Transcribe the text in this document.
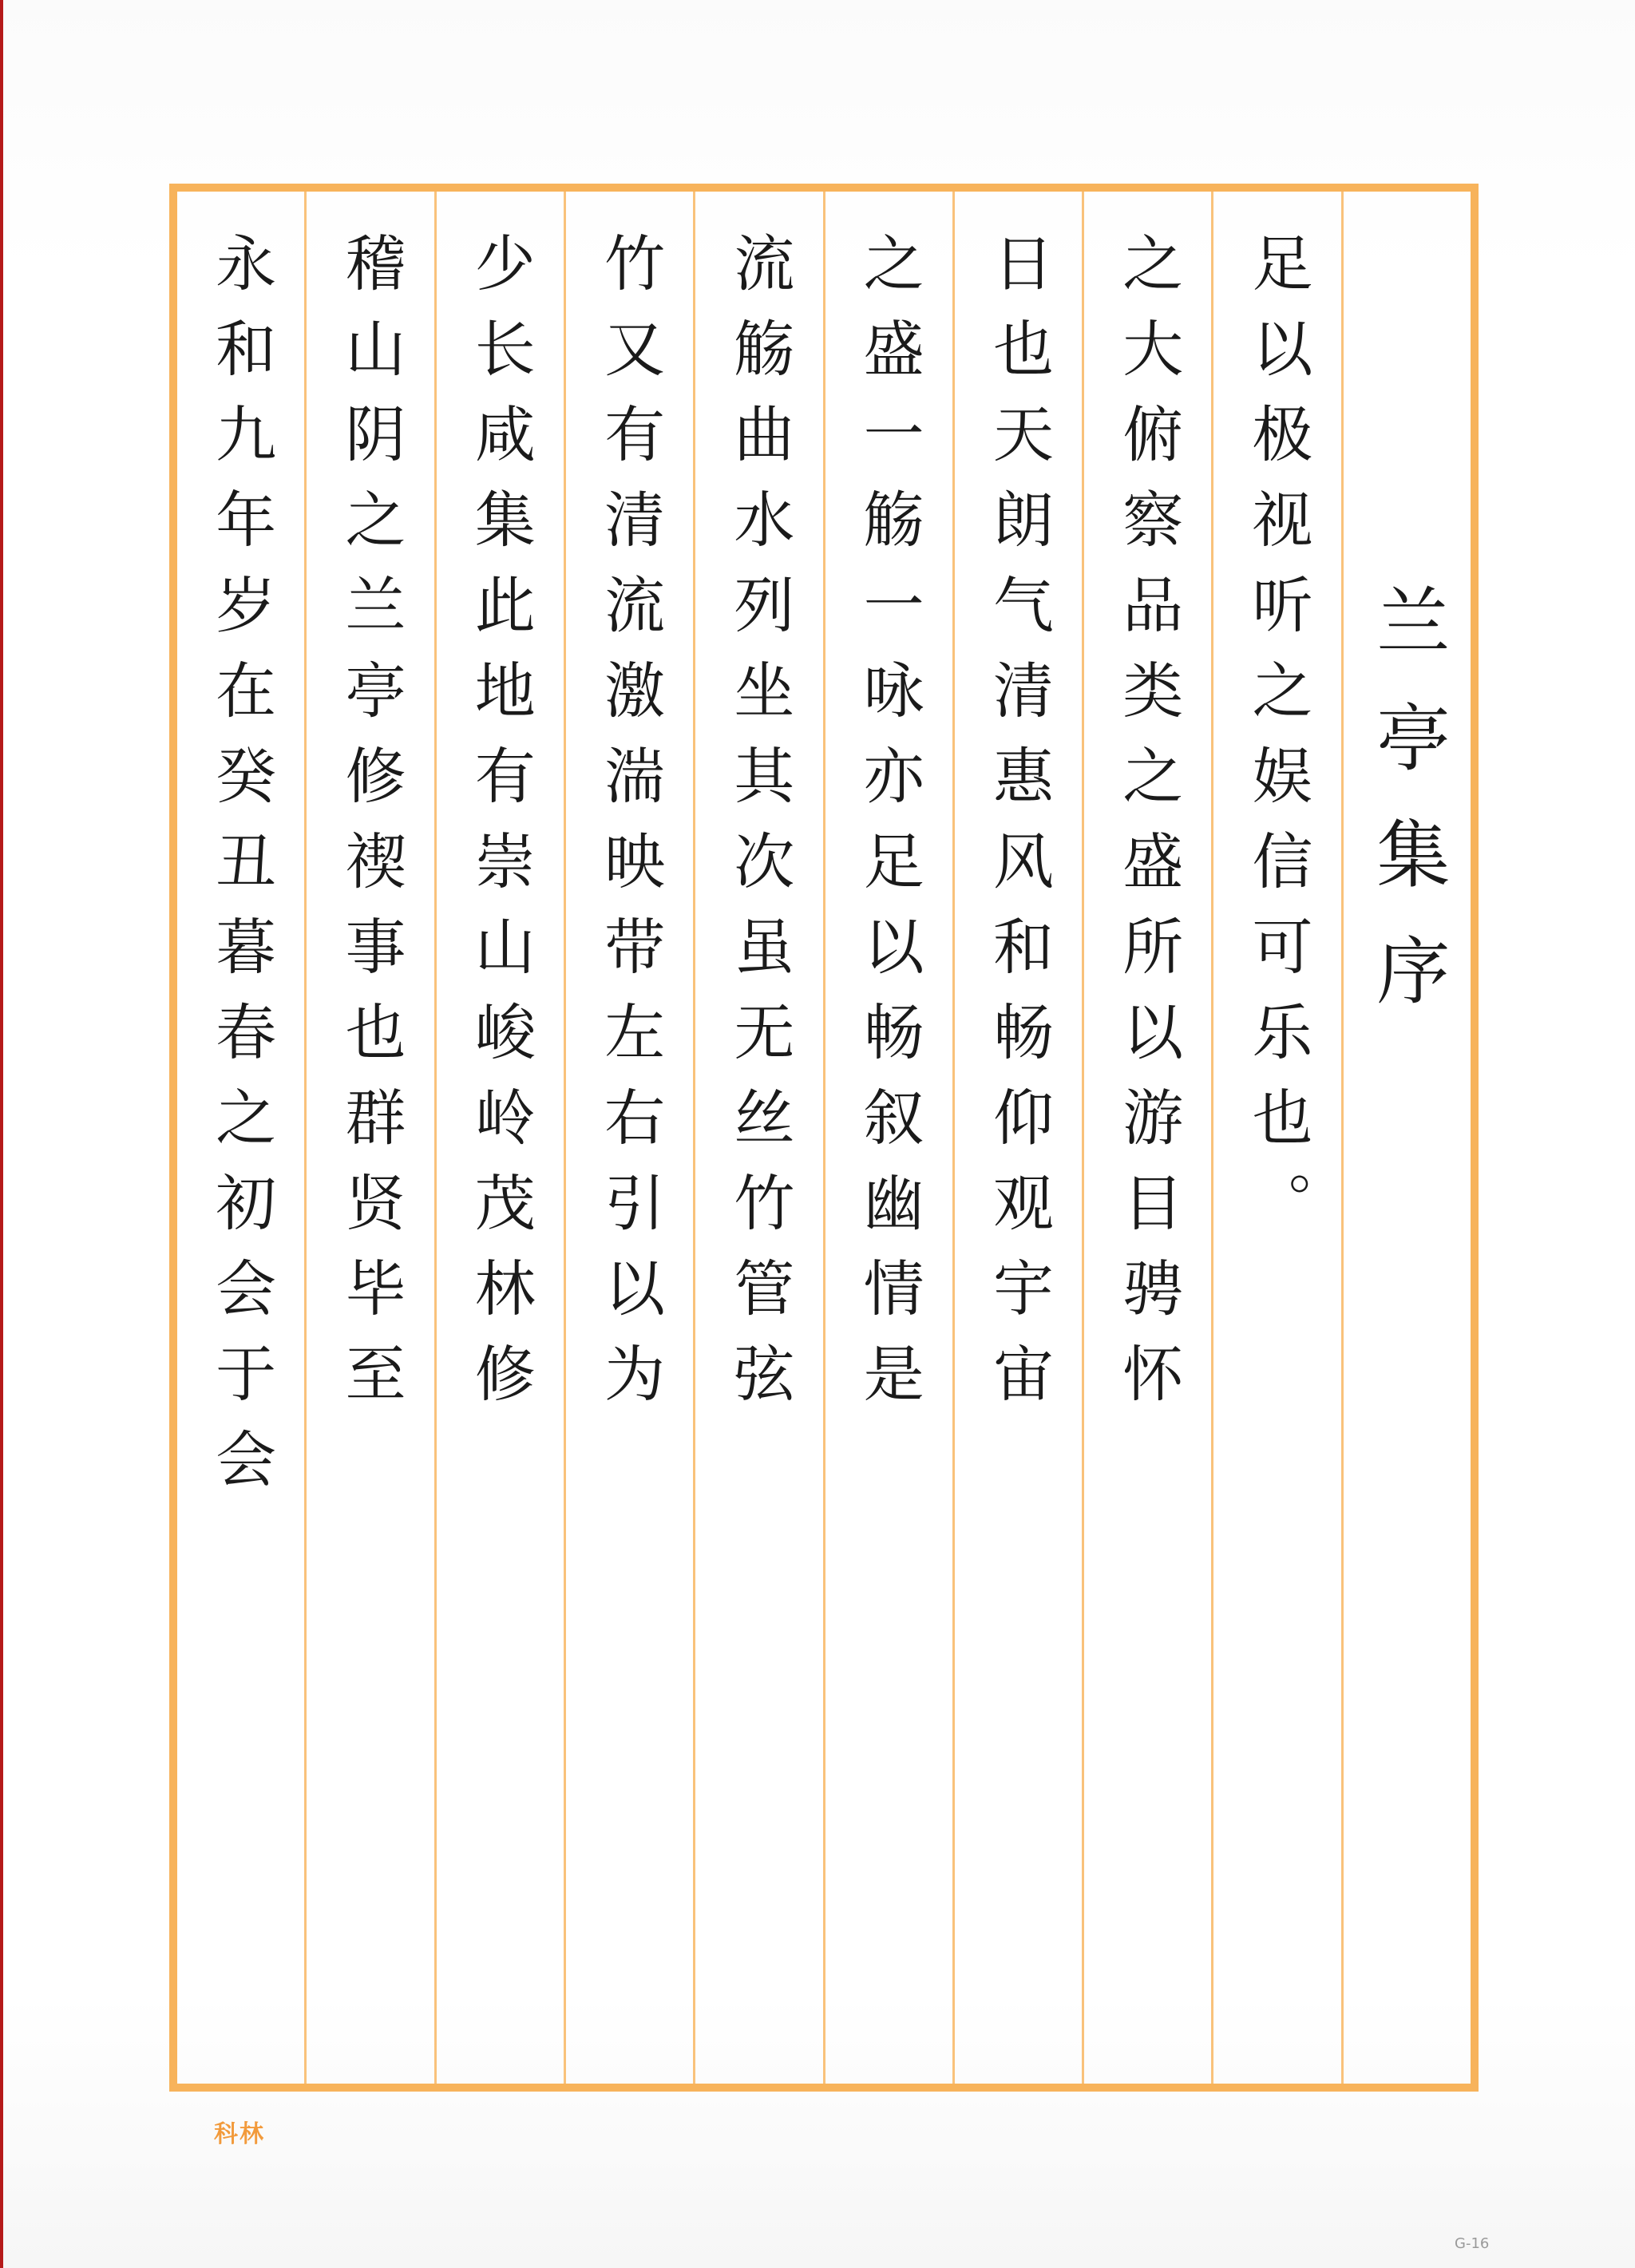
兰亭集序
足以极视听之娱信可乐也。
之大俯察品类之盛所以游目骋怀
日也天朗气清惠风和畅仰观宇宙
之盛一觞一咏亦足以畅叙幽情是
流觞曲水列坐其次虽无丝竹管弦
竹又有清流激湍映带左右引以为
少长咸集此地有崇山峻岭茂林修
稽山阴之兰亭修禊事也群贤毕至
永和九年岁在癸丑暮春之初会于会
科林
G-16
